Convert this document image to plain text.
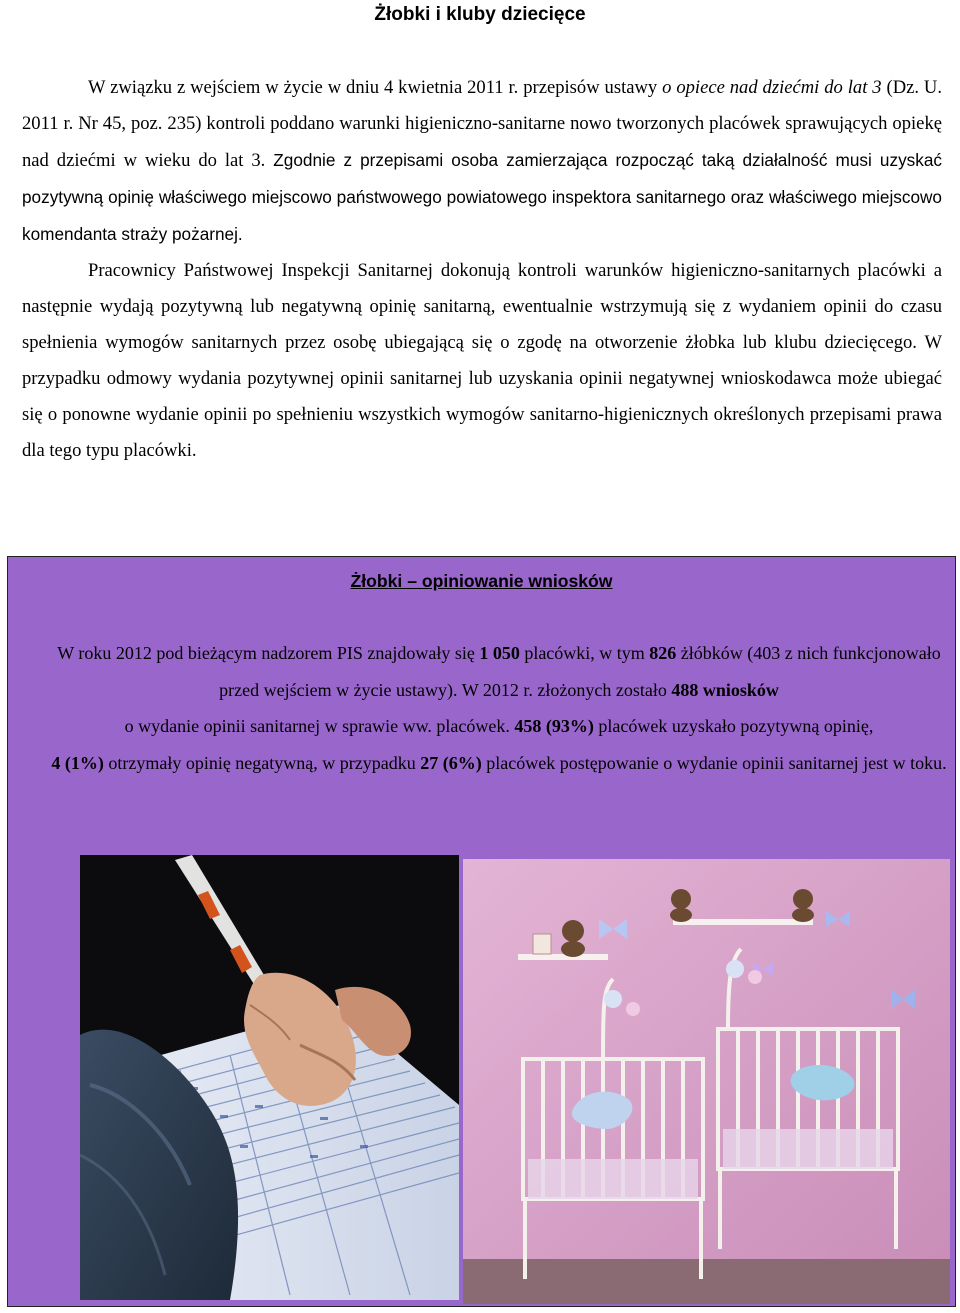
Żłobki i kluby dziecięce

W związku z wejściem w życie w dniu 4 kwietnia 2011 r. przepisów ustawy o opiece nad dziećmi do lat 3 (Dz. U. 2011 r. Nr 45, poz. 235) kontroli poddano warunki higieniczno-sanitarne nowo tworzonych placówek sprawujących opiekę nad dziećmi w wieku do lat 3. Zgodnie z przepisami osoba zamierzająca rozpocząć taką działalność musi uzyskać pozytywną opinię właściwego miejscowo państwowego powiatowego inspektora sanitarnego oraz właściwego miejscowo komendanta straży pożarnej.

Pracownicy Państwowej Inspekcji Sanitarnej dokonują kontroli warunków higieniczno-sanitarnych placówki a następnie wydają pozytywną lub negatywną opinię sanitarną, ewentualnie wstrzymują się z wydaniem opinii do czasu spełnienia wymogów sanitarnych przez osobę ubiegającą się o zgodę na otworzenie żłobka lub klubu dziecięcego. W przypadku odmowy wydania pozytywnej opinii sanitarnej lub uzyskania opinii negatywnej wnioskodawca może ubiegać się o ponowne wydanie opinii po spełnieniu wszystkich wymogów sanitarno-higienicznych określonych przepisami prawa dla tego typu placówki.

Żłobki – opiniowanie wniosków

W roku 2012 pod bieżącym nadzorem PIS znajdowały się 1 050 placówki, w tym 826 żłóbków (403 z nich funkcjonowało przed wejściem w życie ustawy). W 2012 r. złożonych zostało 488 wniosków
o wydanie opinii sanitarnej w sprawie ww. placówek. 458 (93%) placówek uzyskało pozytywną opinię,
4 (1%) otrzymały opinię negatywną, w przypadku 27 (6%) placówek postępowanie o wydanie opinii sanitarnej jest w toku.
